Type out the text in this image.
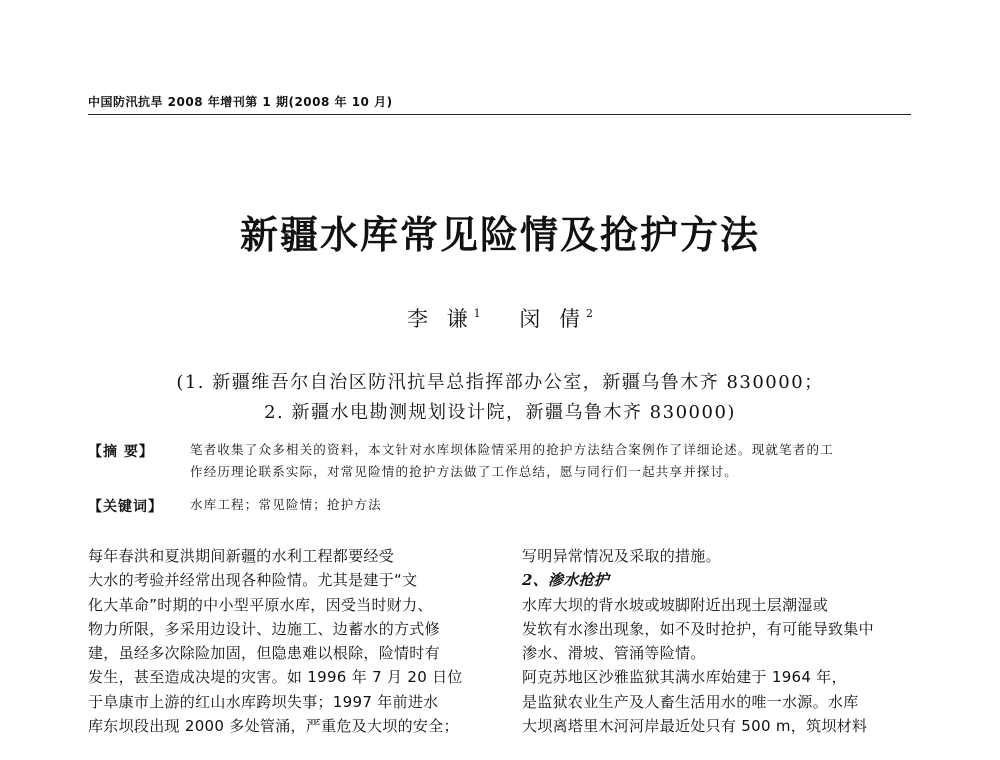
中国防汛抗旱 2008 年增刊第 1 期(2008 年 10 月)
新疆水库常见险情及抢护方法
李 谦$^1$ 闵 倩$^2$
(1. 新疆维吾尔自治区防汛抗旱总指挥部办公室，新疆乌鲁木齐 830000；
2. 新疆水电勘测规划设计院，新疆乌鲁木齐 830000)
【摘 要】	笔者收集了众多相关的资料，本文针对水库坝体险情采用的抢护方法结合案例作了详细论述。现就笔者的工
作经历理论联系实际，对常见险情的抢护方法做了工作总结，愿与同行们一起共享并探讨。
【关键词】 水库工程；常见险情；抢护方法
每年春洪和夏洪期间新疆的水利工程都要经受
大水的考验并经常出现各种险情。尤其是建于“文
化大革命”时期的中小型平原水库，因受当时财力、
物力所限，多采用边设计、边施工、边蓄水的方式修
建，虽经多次除险加固，但隐患难以根除，险情时有
发生，甚至造成决堤的灾害。如 1996 年 7 月 20 日位
于阜康市上游的红山水库跨坝失事；1997 年前进水
库东坝段出现 2000 多处管涌，严重危及大坝的安全；
写明异常情况及采取的措施。
2、渗水抢护
水库大坝的背水坡或坡脚附近出现土层潮湿或
发软有水渗出现象，如不及时抢护，有可能导致集中
渗水、滑坡、管涌等险情。
阿克苏地区沙雅监狱其满水库始建于 1964 年，
是监狱农业生产及人畜生活用水的唯一水源。水库
大坝离塔里木河河岸最近处只有 500 m，筑坝材料
